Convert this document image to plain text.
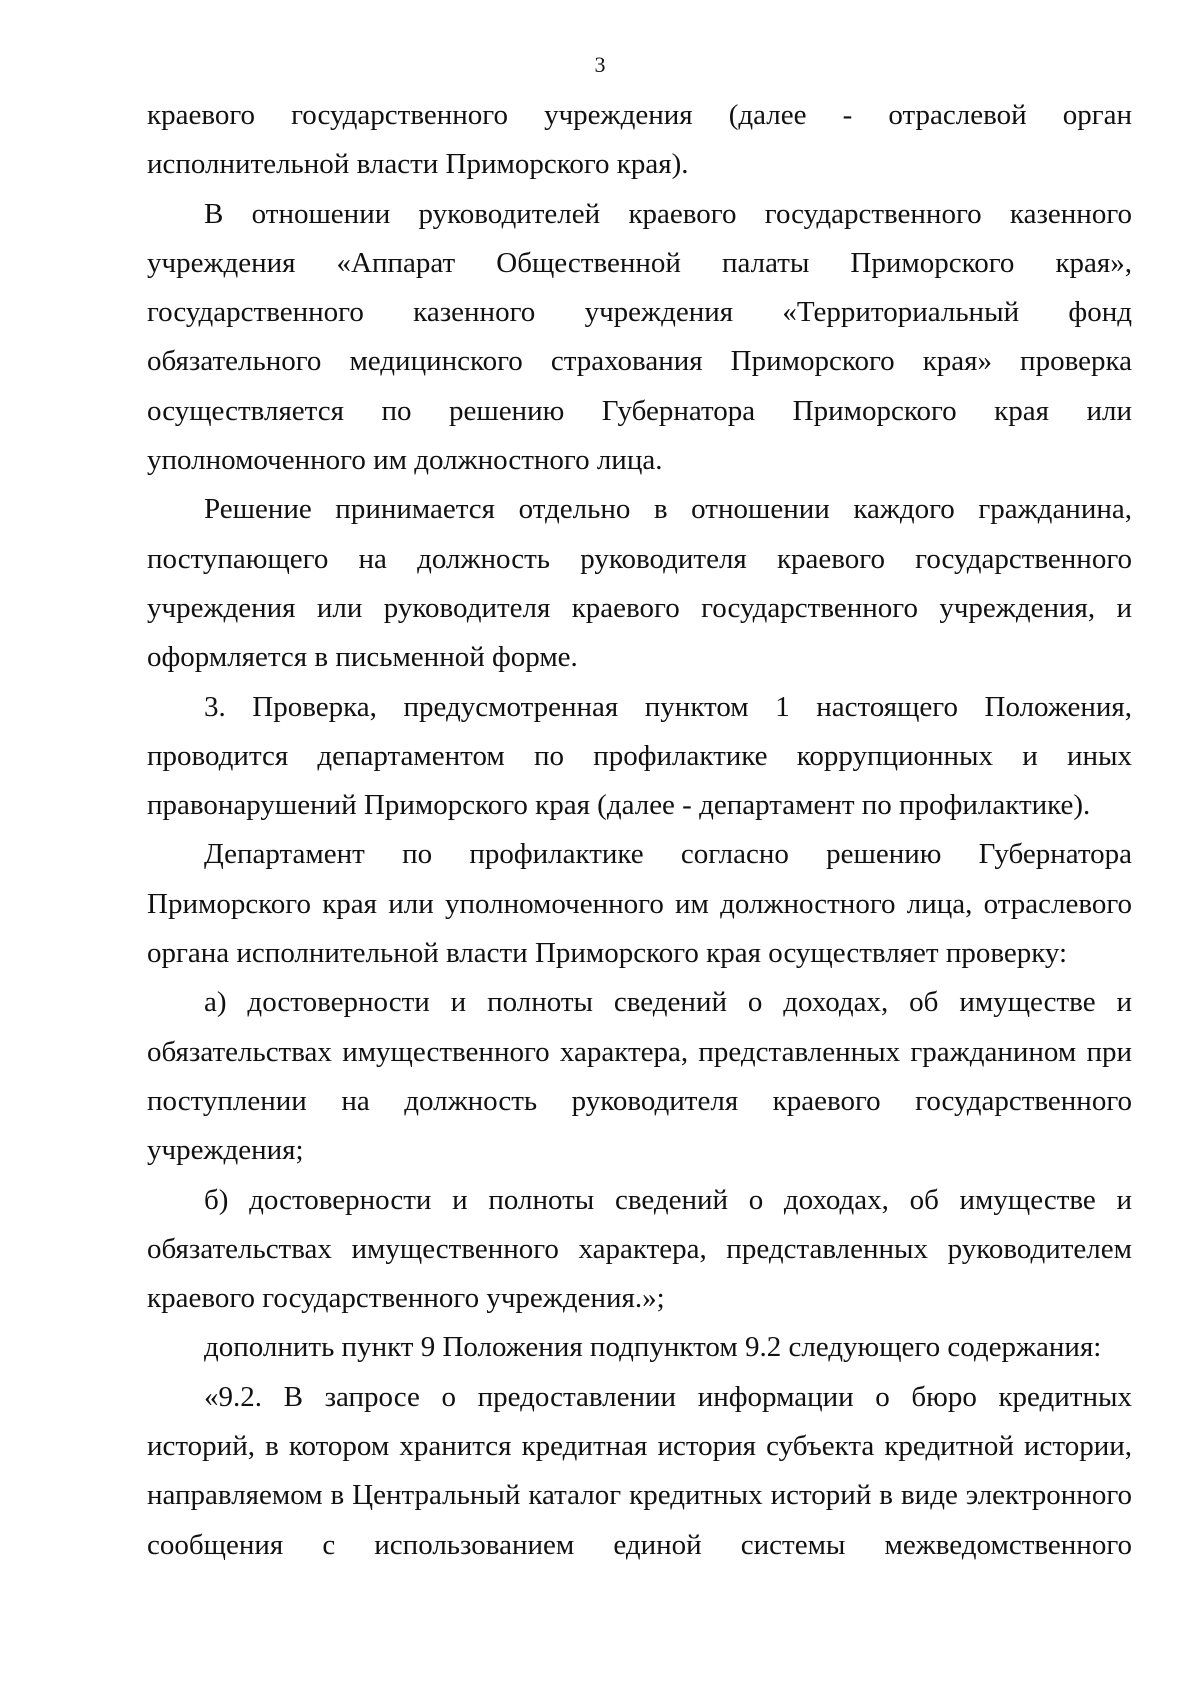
3

краевого государственного учреждения (далее - отраслевой орган исполнительной власти Приморского края).

В отношении руководителей краевого государственного казенного учреждения «Аппарат Общественной палаты Приморского края», государственного казенного учреждения «Территориальный фонд обязательного медицинского страхования Приморского края» проверка осуществляется по решению Губернатора Приморского края или уполномоченного им должностного лица.

Решение принимается отдельно в отношении каждого гражданина, поступающего на должность руководителя краевого государственного учреждения или руководителя краевого государственного учреждения, и оформляется в письменной форме.

3. Проверка, предусмотренная пунктом 1 настоящего Положения, проводится департаментом по профилактике коррупционных и иных правонарушений Приморского края (далее - департамент по профилактике).

Департамент по профилактике согласно решению Губернатора Приморского края или уполномоченного им должностного лица, отраслевого органа исполнительной власти Приморского края осуществляет проверку:

а) достоверности и полноты сведений о доходах, об имуществе и обязательствах имущественного характера, представленных гражданином при поступлении на должность руководителя краевого государственного учреждения;

б) достоверности и полноты сведений о доходах, об имуществе и обязательствах имущественного характера, представленных руководителем краевого государственного учреждения.»;

дополнить пункт 9 Положения подпунктом 9.2 следующего содержания:

«9.2. В запросе о предоставлении информации о бюро кредитных историй, в котором хранится кредитная история субъекта кредитной истории, направляемом в Центральный каталог кредитных историй в виде электронного сообщения с использованием единой системы межведомственного
